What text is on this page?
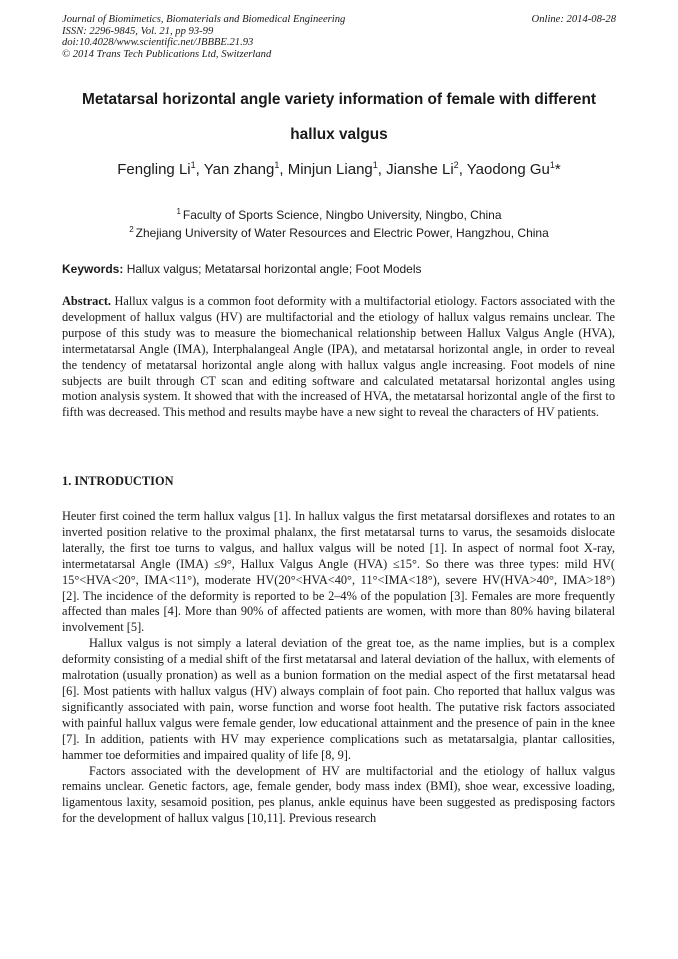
Journal of Biomimetics, Biomaterials and Biomedical Engineering
ISSN: 2296-9845, Vol. 21, pp 93-99
doi:10.4028/www.scientific.net/JBBBE.21.93
© 2014 Trans Tech Publications Ltd, Switzerland
Online: 2014-08-28
Metatarsal horizontal angle variety information of female with different
hallux valgus
Fengling Li$^1$, Yan zhang$^1$, Minjun Liang$^1$, Jianshe Li$^2$, Yaodong Gu$^1$*
$^1$ Faculty of Sports Science, Ningbo University, Ningbo, China
$^2$ Zhejiang University of Water Resources and Electric Power, Hangzhou, China
Keywords: Hallux valgus; Metatarsal horizontal angle; Foot Models
Abstract. Hallux valgus is a common foot deformity with a multifactorial etiology. Factors associated with the development of hallux valgus (HV) are multifactorial and the etiology of hallux valgus remains unclear. The purpose of this study was to measure the biomechanical relationship between Hallux Valgus Angle (HVA), intermetatarsal Angle (IMA), Interphalangeal Angle (IPA), and metatarsal horizontal angle, in order to reveal the tendency of metatarsal horizontal angle along with hallux valgus angle increasing. Foot models of nine subjects are built through CT scan and editing software and calculated metatarsal horizontal angles using motion analysis system. It showed that with the increased of HVA, the metatarsal horizontal angle of the first to fifth was decreased. This method and results maybe have a new sight to reveal the characters of HV patients.
1. INTRODUCTION

Heuter first coined the term hallux valgus [1]. In hallux valgus the first metatarsal dorsiflexes and rotates to an inverted position relative to the proximal phalanx, the first metatarsal turns to varus, the sesamoids dislocate laterally, the first toe turns to valgus, and hallux valgus will be noted [1]. In aspect of normal foot X-ray, intermetatarsal Angle (IMA) ≤9°, Hallux Valgus Angle (HVA) ≤15°. So there was three types: mild HV( 15°<HVA<20°, IMA<11°), moderate HV(20°<HVA<40°, 11°<IMA<18°), severe HV(HVA>40°, IMA>18°) [2]. The incidence of the deformity is reported to be 2–4% of the population [3]. Females are more frequently affected than males [4]. More than 90% of affected patients are women, with more than 80% having bilateral involvement [5].

Hallux valgus is not simply a lateral deviation of the great toe, as the name implies, but is a complex deformity consisting of a medial shift of the first metatarsal and lateral deviation of the hallux, with elements of malrotation (usually pronation) as well as a bunion formation on the medial aspect of the first metatarsal head [6]. Most patients with hallux valgus (HV) always complain of foot pain. Cho reported that hallux valgus was significantly associated with pain, worse function and worse foot health. The putative risk factors associated with painful hallux valgus were female gender, low educational attainment and the presence of pain in the knee [7]. In addition, patients with HV may experience complications such as metatarsalgia, plantar callosities, hammer toe deformities and impaired quality of life [8, 9].

Factors associated with the development of HV are multifactorial and the etiology of hallux valgus remains unclear. Genetic factors, age, female gender, body mass index (BMI), shoe wear, excessive loading, ligamentous laxity, sesamoid position, pes planus, ankle equinus have been suggested as predisposing factors for the development of hallux valgus [10,11]. Previous research
